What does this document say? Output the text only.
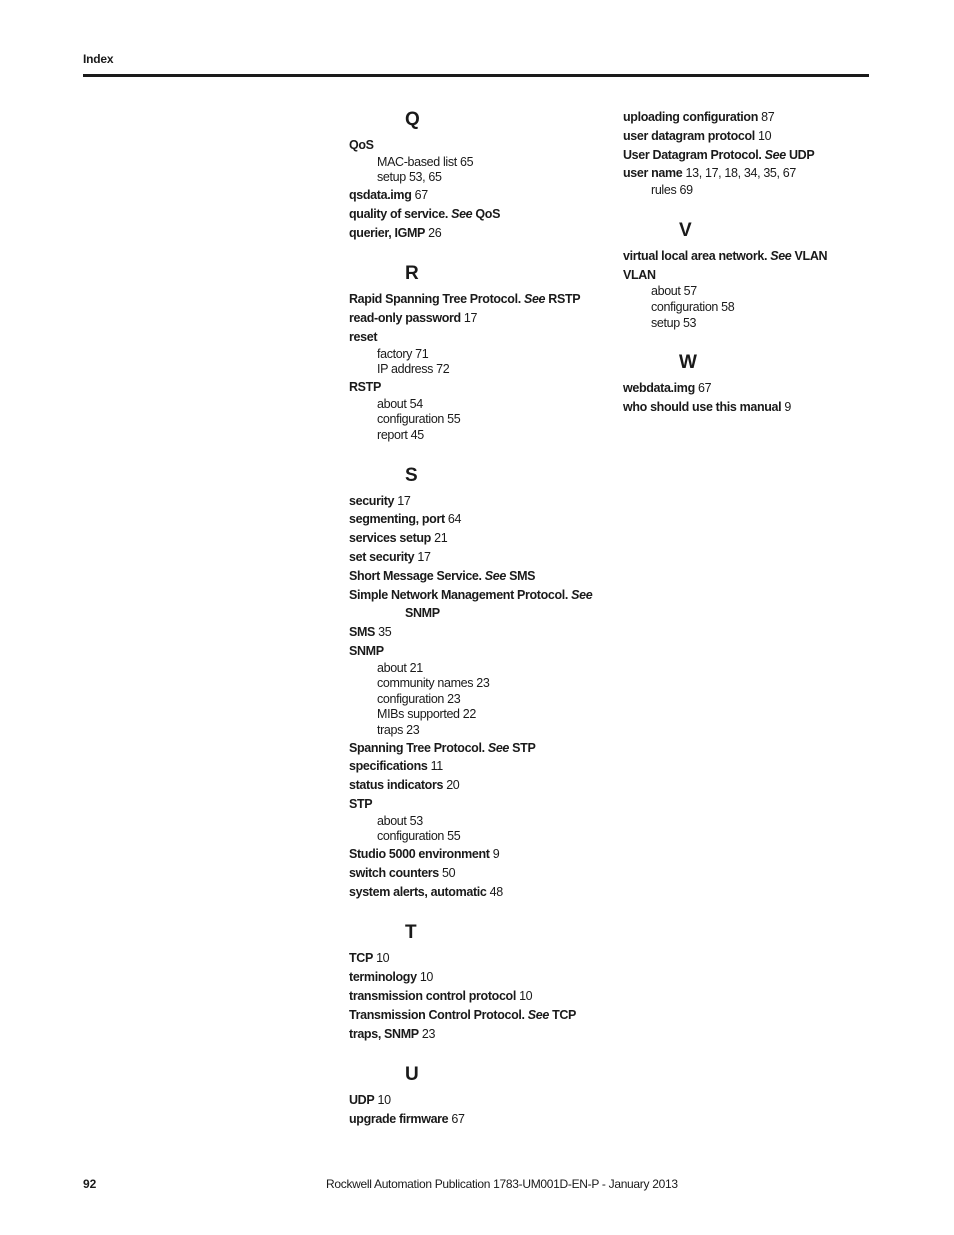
Index
Q
QoS
MAC-based list 65
setup 53, 65
qsdata.img 67
quality of service. See QoS
querier, IGMP 26
R
Rapid Spanning Tree Protocol. See RSTP
read-only password 17
reset
factory 71
IP address 72
RSTP
about 54
configuration 55
report 45
S
security 17
segmenting, port 64
services setup 21
set security 17
Short Message Service. See SMS
Simple Network Management Protocol. See
SNMP
SMS 35
SNMP
about 21
community names 23
configuration 23
MIBs supported 22
traps 23
Spanning Tree Protocol. See STP
specifications 11
status indicators 20
STP
about 53
configuration 55
Studio 5000 environment 9
switch counters 50
system alerts, automatic 48
T
TCP 10
terminology 10
transmission control protocol 10
Transmission Control Protocol. See TCP
traps, SNMP 23
U
UDP 10
upgrade firmware 67
uploading configuration 87
user datagram protocol 10
User Datagram Protocol. See UDP
user name 13, 17, 18, 34, 35, 67
rules 69
V
virtual local area network. See VLAN
VLAN
about 57
configuration 58
setup 53
W
webdata.img 67
who should use this manual 9
92	Rockwell Automation Publication 1783-UM001D-EN-P - January 2013
